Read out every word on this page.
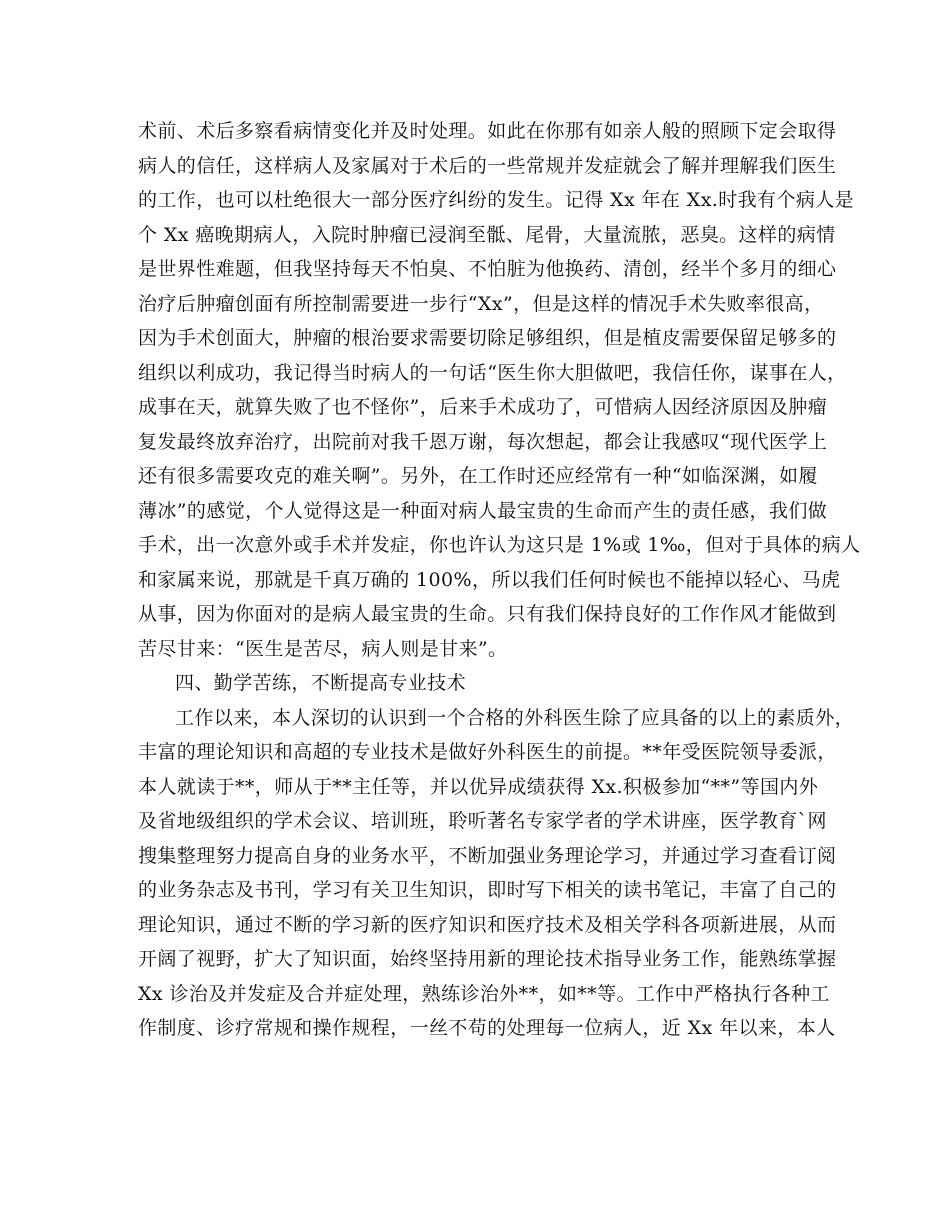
术前、术后多察看病情变化并及时处理。如此在你那有如亲人般的照顾下定会取得
病人的信任，这样病人及家属对于术后的一些常规并发症就会了解并理解我们医生
的工作，也可以杜绝很大一部分医疗纠纷的发生。记得 Xx 年在 Xx.时我有个病人是
个 Xx 癌晚期病人，入院时肿瘤已浸润至骶、尾骨，大量流脓，恶臭。这样的病情
是世界性难题，但我坚持每天不怕臭、不怕脏为他换药、清创，经半个多月的细心
治疗后肿瘤创面有所控制需要进一步行“Xx”，但是这样的情况手术失败率很高，
因为手术创面大，肿瘤的根治要求需要切除足够组织，但是植皮需要保留足够多的
组织以利成功，我记得当时病人的一句话“医生你大胆做吧，我信任你，谋事在人，
成事在天，就算失败了也不怪你”，后来手术成功了，可惜病人因经济原因及肿瘤
复发最终放弃治疗，出院前对我千恩万谢，每次想起，都会让我感叹“现代医学上
还有很多需要攻克的难关啊”。另外，在工作时还应经常有一种“如临深渊，如履
薄冰”的感觉，个人觉得这是一种面对病人最宝贵的生命而产生的责任感，我们做
手术，出一次意外或手术并发症，你也许认为这只是 1%或 1‰，但对于具体的病人
和家属来说，那就是千真万确的 100%，所以我们任何时候也不能掉以轻心、马虎
从事，因为你面对的是病人最宝贵的生命。只有我们保持良好的工作作风才能做到
苦尽甘来：“医生是苦尽，病人则是甘来”。
四、勤学苦练，不断提高专业技术
工作以来，本人深切的认识到一个合格的外科医生除了应具备的以上的素质外，
丰富的理论知识和高超的专业技术是做好外科医生的前提。**年受医院领导委派，
本人就读于**，师从于**主任等，并以优异成绩获得 Xx.积极参加“**”等国内外
及省地级组织的学术会议、培训班，聆听著名专家学者的学术讲座，医学教育`网
搜集整理努力提高自身的业务水平，不断加强业务理论学习，并通过学习查看订阅
的业务杂志及书刊，学习有关卫生知识，即时写下相关的读书笔记，丰富了自己的
理论知识，通过不断的学习新的医疗知识和医疗技术及相关学科各项新进展，从而
开阔了视野，扩大了知识面，始终坚持用新的理论技术指导业务工作，能熟练掌握
Xx 诊治及并发症及合并症处理，熟练诊治外**，如**等。工作中严格执行各种工
作制度、诊疗常规和操作规程，一丝不苟的处理每一位病人，近 Xx 年以来，本人
